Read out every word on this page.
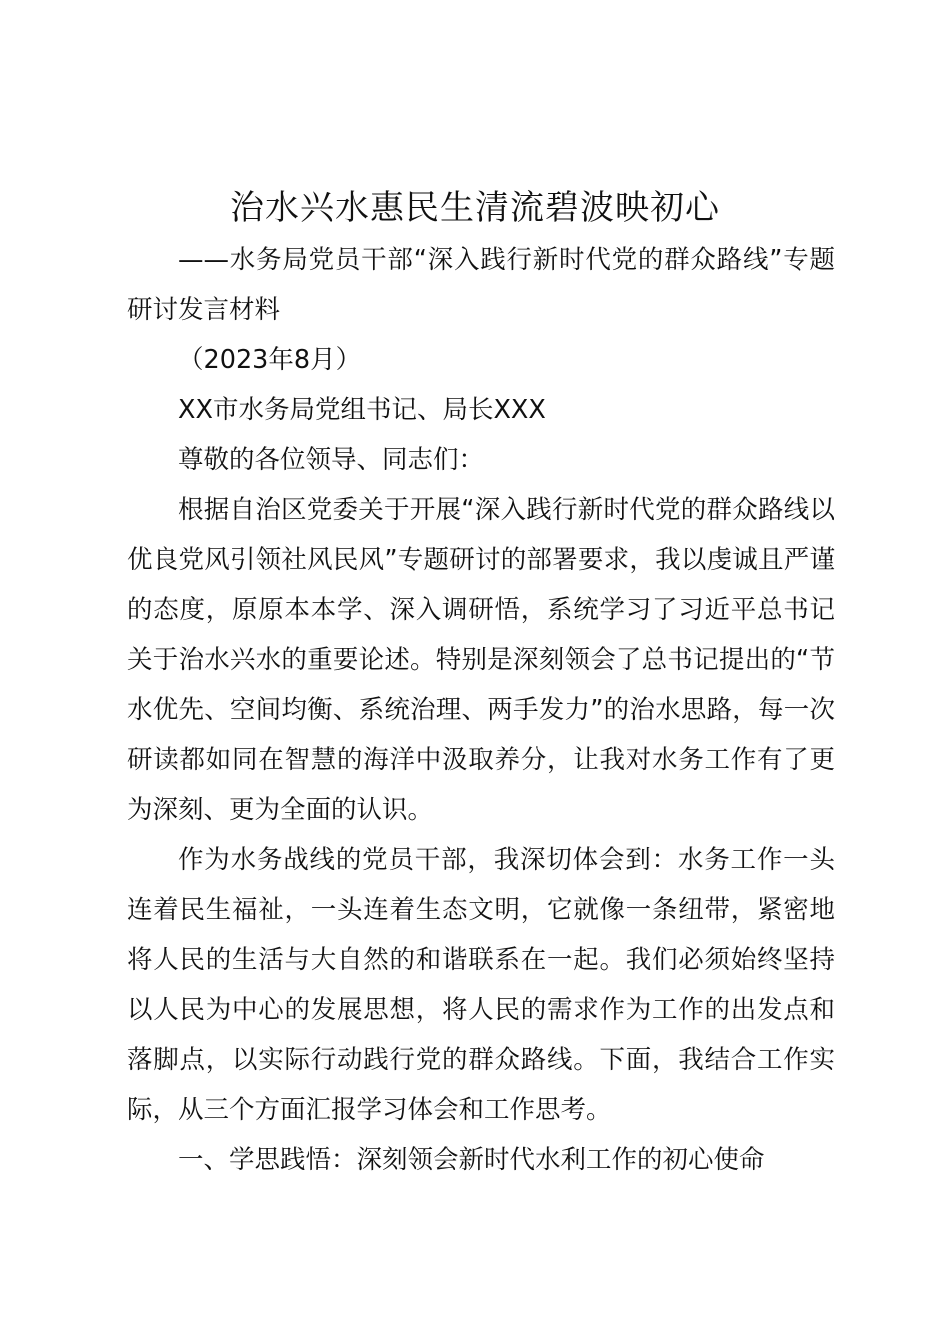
治水兴水惠民生清流碧波映初心

——水务局党员干部“深入践行新时代党的群众路线”专题研讨发言材料

（2023年8月）

XX市水务局党组书记、局长XXX

尊敬的各位领导、同志们：

根据自治区党委关于开展“深入践行新时代党的群众路线以优良党风引领社风民风”专题研讨的部署要求，我以虔诚且严谨的态度，原原本本学、深入调研悟，系统学习了习近平总书记关于治水兴水的重要论述。特别是深刻领会了总书记提出的“节水优先、空间均衡、系统治理、两手发力”的治水思路，每一次研读都如同在智慧的海洋中汲取养分，让我对水务工作有了更为深刻、更为全面的认识。

作为水务战线的党员干部，我深切体会到：水务工作一头连着民生福祉，一头连着生态文明，它就像一条纽带，紧密地将人民的生活与大自然的和谐联系在一起。我们必须始终坚持以人民为中心的发展思想，将人民的需求作为工作的出发点和落脚点，以实际行动践行党的群众路线。下面，我结合工作实际，从三个方面汇报学习体会和工作思考。

一、学思践悟：深刻领会新时代水利工作的初心使命
